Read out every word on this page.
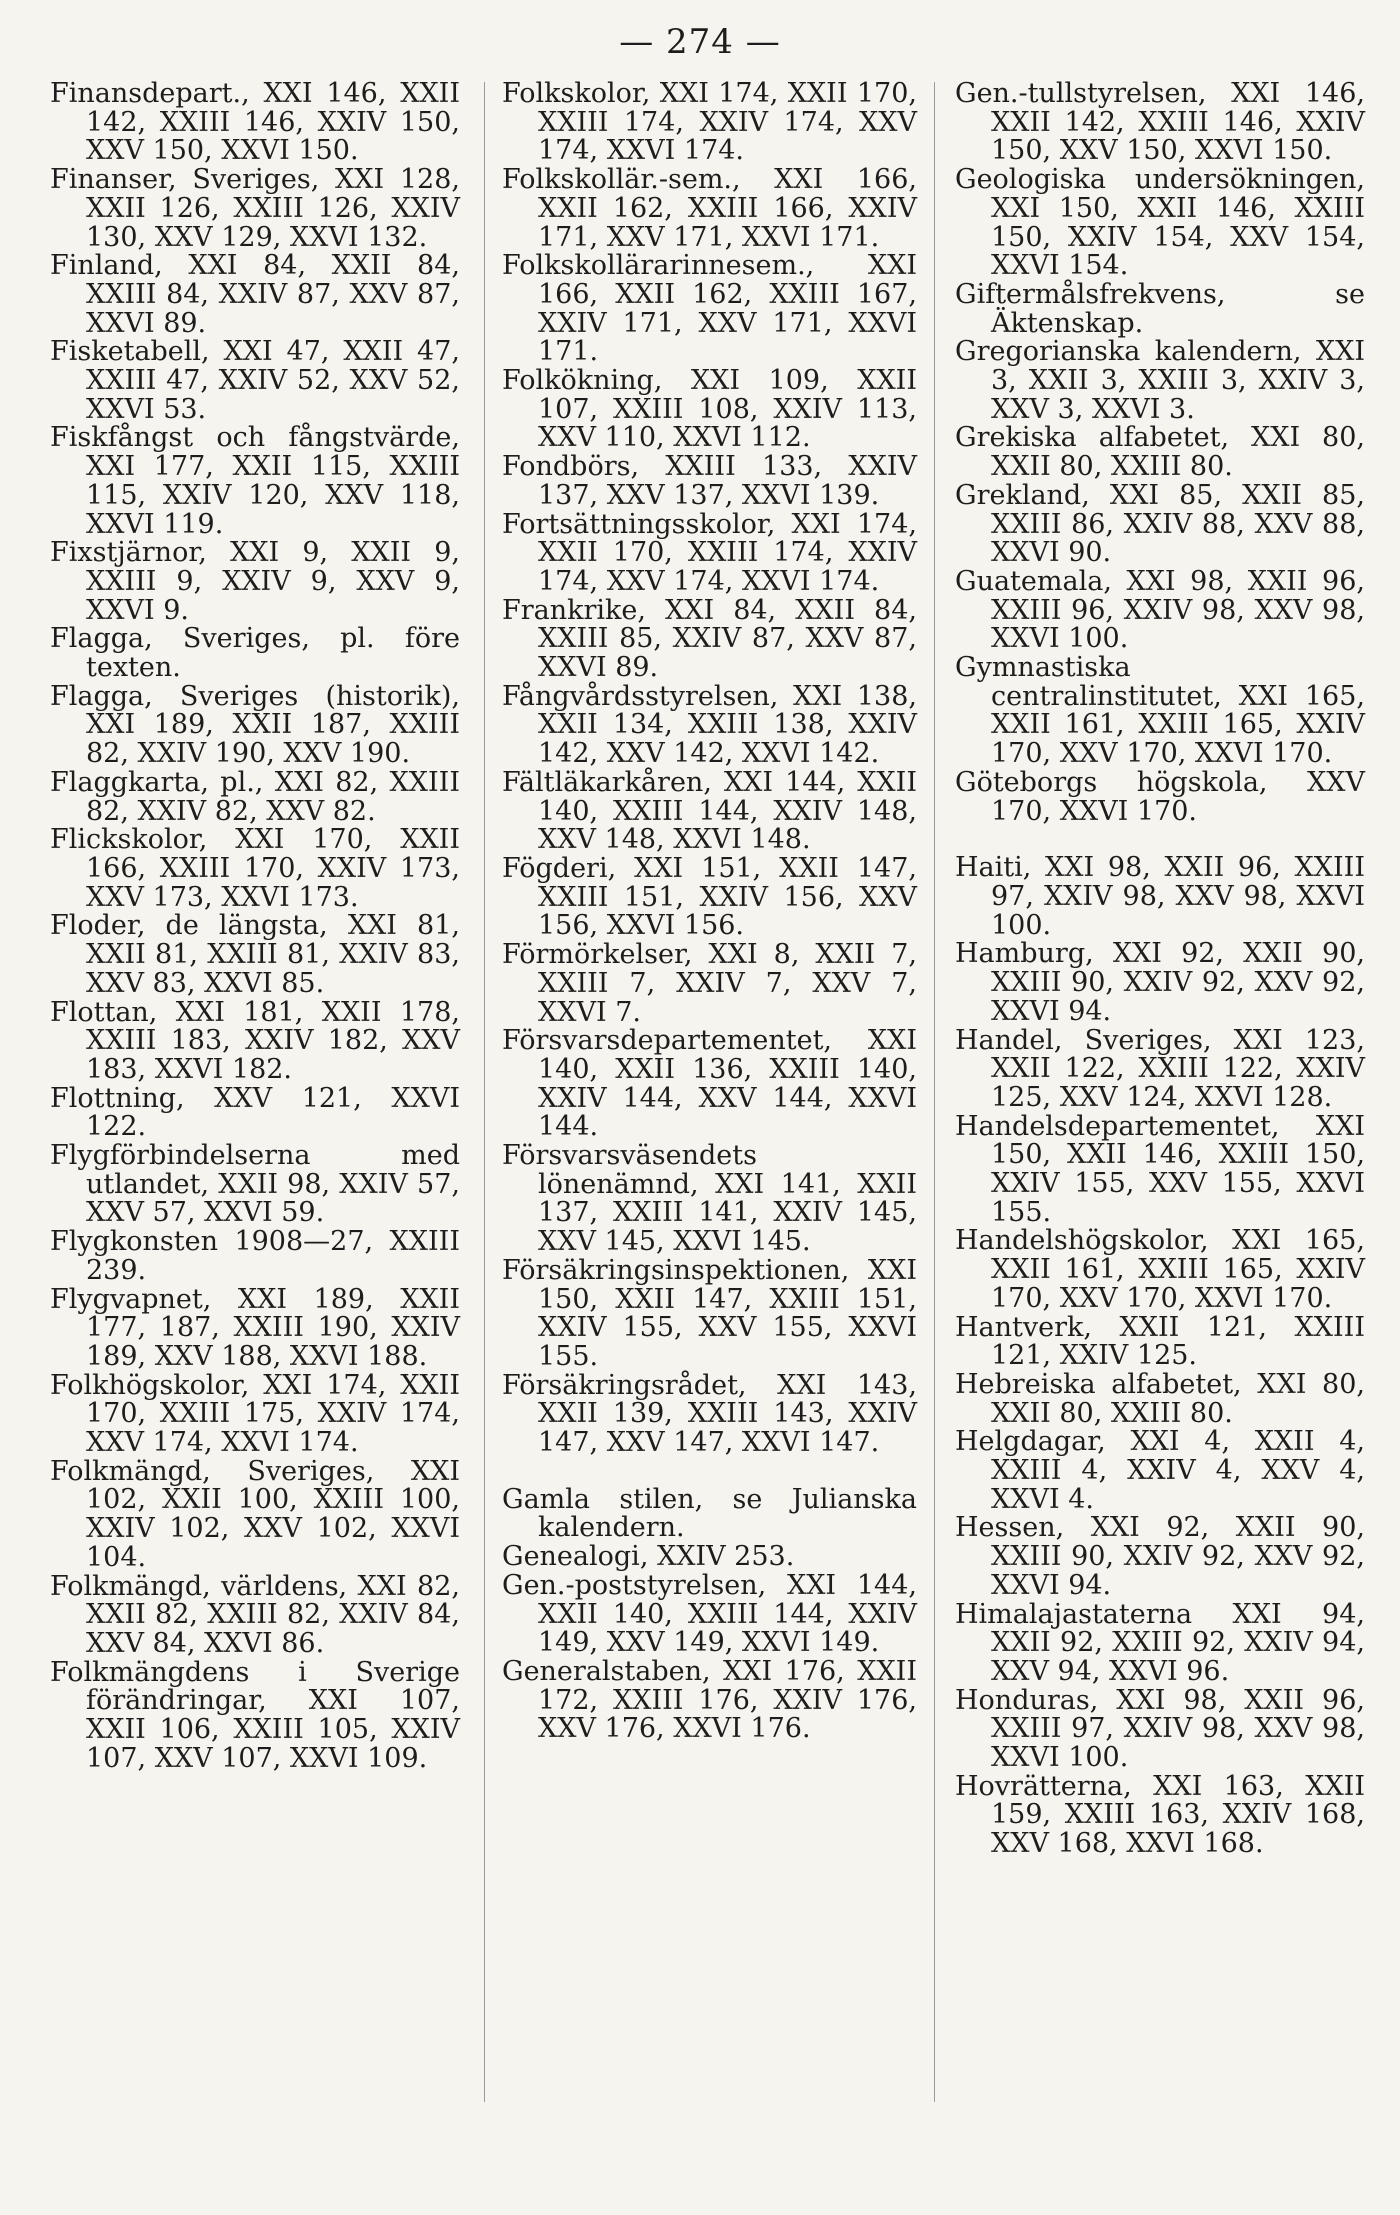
— 274 —

Finansdepart., XXI 146, XXII 142, XXIII 146, XXIV 150, XXV 150, XXVI 150.

Finanser, Sveriges, XXI 128, XXII 126, XXIII 126, XXIV 130, XXV 129, XXVI 132.

Finland, XXI 84, XXII 84, XXIII 84, XXIV 87, XXV 87, XXVI 89.

Fisketabell, XXI 47, XXII 47, XXIII 47, XXIV 52, XXV 52, XXVI 53.

Fiskfångst och fångstvärde, XXI 177, XXII 115, XXIII 115, XXIV 120, XXV 118, XXVI 119.

Fixstjärnor, XXI 9, XXII 9, XXIII 9, XXIV 9, XXV 9, XXVI 9.

Flagga, Sveriges, pl. före texten.

Flagga, Sveriges (historik), XXI 189, XXII 187, XXIII 82, XXIV 190, XXV 190.

Flaggkarta, pl., XXI 82, XXIII 82, XXIV 82, XXV 82.

Flickskolor, XXI 170, XXII 166, XXIII 170, XXIV 173, XXV 173, XXVI 173.

Floder, de längsta, XXI 81, XXII 81, XXIII 81, XXIV 83, XXV 83, XXVI 85.

Flottan, XXI 181, XXII 178, XXIII 183, XXIV 182, XXV 183, XXVI 182.

Flottning, XXV 121, XXVI 122.

Flygförbindelserna med utlandet, XXII 98, XXIV 57, XXV 57, XXVI 59.

Flygkonsten 1908—27, XXIII 239.

Flygvapnet, XXI 189, XXII 177, 187, XXIII 190, XXIV 189, XXV 188, XXVI 188.

Folkhögskolor, XXI 174, XXII 170, XXIII 175, XXIV 174, XXV 174, XXVI 174.

Folkmängd, Sveriges, XXI 102, XXII 100, XXIII 100, XXIV 102, XXV 102, XXVI 104.

Folkmängd, världens, XXI 82, XXII 82, XXIII 82, XXIV 84, XXV 84, XXVI 86.

Folkmängdens i Sverige förändringar, XXI 107, XXII 106, XXIII 105, XXIV 107, XXV 107, XXVI 109.

Folkskolor, XXI 174, XXII 170, XXIII 174, XXIV 174, XXV 174, XXVI 174.

Folkskollär.-sem., XXI 166, XXII 162, XXIII 166, XXIV 171, XXV 171, XXVI 171.

Folkskollärarinnesem., XXI 166, XXII 162, XXIII 167, XXIV 171, XXV 171, XXVI 171.

Folkökning, XXI 109, XXII 107, XXIII 108, XXIV 113, XXV 110, XXVI 112.

Fondbörs, XXIII 133, XXIV 137, XXV 137, XXVI 139.

Fortsättningsskolor, XXI 174, XXII 170, XXIII 174, XXIV 174, XXV 174, XXVI 174.

Frankrike, XXI 84, XXII 84, XXIII 85, XXIV 87, XXV 87, XXVI 89.

Fångvårdsstyrelsen, XXI 138, XXII 134, XXIII 138, XXIV 142, XXV 142, XXVI 142.

Fältläkarkåren, XXI 144, XXII 140, XXIII 144, XXIV 148, XXV 148, XXVI 148.

Fögderi, XXI 151, XXII 147, XXIII 151, XXIV 156, XXV 156, XXVI 156.

Förmörkelser, XXI 8, XXII 7, XXIII 7, XXIV 7, XXV 7, XXVI 7.

Försvarsdepartementet, XXI 140, XXII 136, XXIII 140, XXIV 144, XXV 144, XXVI 144.

Försvarsväsendets lönenämnd, XXI 141, XXII 137, XXIII 141, XXIV 145, XXV 145, XXVI 145.

Försäkringsinspektionen, XXI 150, XXII 147, XXIII 151, XXIV 155, XXV 155, XXVI 155.

Försäkringsrådet, XXI 143, XXII 139, XXIII 143, XXIV 147, XXV 147, XXVI 147.

Gamla stilen, se Julianska kalendern.

Genealogi, XXIV 253.

Gen.-poststyrelsen, XXI 144, XXII 140, XXIII 144, XXIV 149, XXV 149, XXVI 149.

Generalstaben, XXI 176, XXII 172, XXIII 176, XXIV 176, XXV 176, XXVI 176.

Gen.-tullstyrelsen, XXI 146, XXII 142, XXIII 146, XXIV 150, XXV 150, XXVI 150.

Geologiska undersökningen, XXI 150, XXII 146, XXIII 150, XXIV 154, XXV 154, XXVI 154.

Giftermålsfrekvens, se Äktenskap.

Gregorianska kalendern, XXI 3, XXII 3, XXIII 3, XXIV 3, XXV 3, XXVI 3.

Grekiska alfabetet, XXI 80, XXII 80, XXIII 80.

Grekland, XXI 85, XXII 85, XXIII 86, XXIV 88, XXV 88, XXVI 90.

Guatemala, XXI 98, XXII 96, XXIII 96, XXIV 98, XXV 98, XXVI 100.

Gymnastiska centralinstitutet, XXI 165, XXII 161, XXIII 165, XXIV 170, XXV 170, XXVI 170.

Göteborgs högskola, XXV 170, XXVI 170.

Haiti, XXI 98, XXII 96, XXIII 97, XXIV 98, XXV 98, XXVI 100.

Hamburg, XXI 92, XXII 90, XXIII 90, XXIV 92, XXV 92, XXVI 94.

Handel, Sveriges, XXI 123, XXII 122, XXIII 122, XXIV 125, XXV 124, XXVI 128.

Handelsdepartementet, XXI 150, XXII 146, XXIII 150, XXIV 155, XXV 155, XXVI 155.

Handelshögskolor, XXI 165, XXII 161, XXIII 165, XXIV 170, XXV 170, XXVI 170.

Hantverk, XXII 121, XXIII 121, XXIV 125.

Hebreiska alfabetet, XXI 80, XXII 80, XXIII 80.

Helgdagar, XXI 4, XXII 4, XXIII 4, XXIV 4, XXV 4, XXVI 4.

Hessen, XXI 92, XXII 90, XXIII 90, XXIV 92, XXV 92, XXVI 94.

Himalajastaterna XXI 94, XXII 92, XXIII 92, XXIV 94, XXV 94, XXVI 96.

Honduras, XXI 98, XXII 96, XXIII 97, XXIV 98, XXV 98, XXVI 100.

Hovrätterna, XXI 163, XXII 159, XXIII 163, XXIV 168, XXV 168, XXVI 168.
